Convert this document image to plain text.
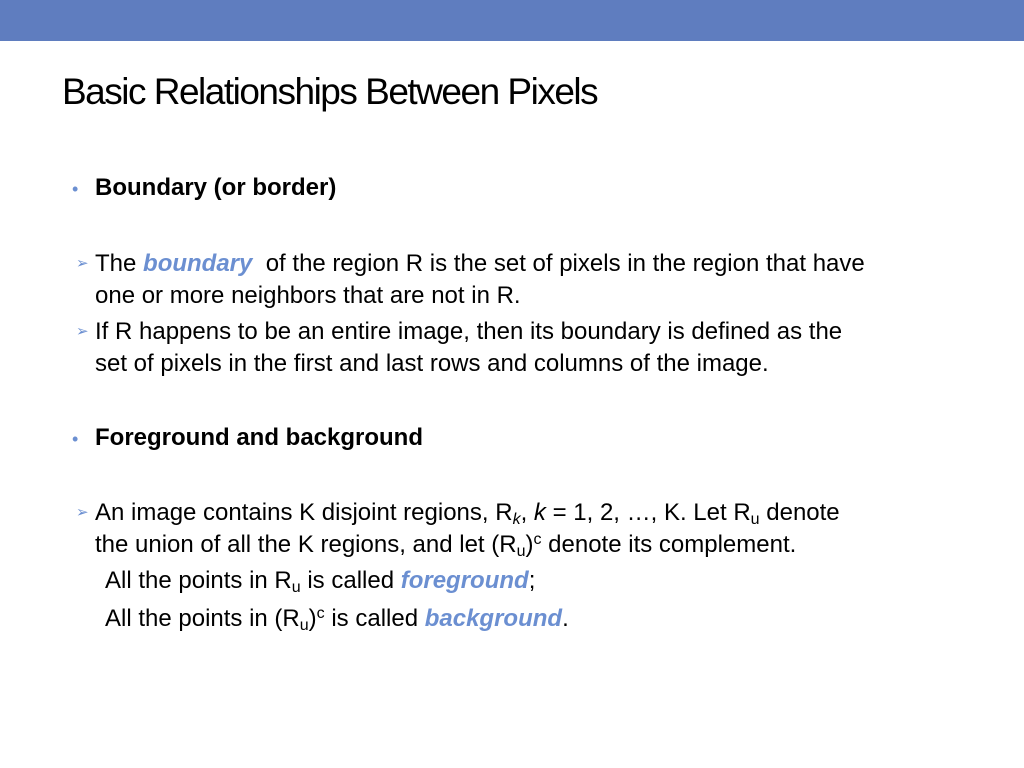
Basic Relationships Between Pixels
• Boundary (or border)
➢ The boundary  of the region R is the set of pixels in the region that have
one or more neighbors that are not in R.
➢ If R happens to be an entire image, then its boundary is defined as the
set of pixels in the first and last rows and columns of the image.
• Foreground and background
➢ An image contains K disjoint regions, $R_k$, k = 1, 2, …, K. Let $R_u$ denote
the union of all the K regions, and let $(R_u)^c$ denote its complement.
All the points in $R_u$ is called foreground;
All the points in $(R_u)^c$ is called background.
